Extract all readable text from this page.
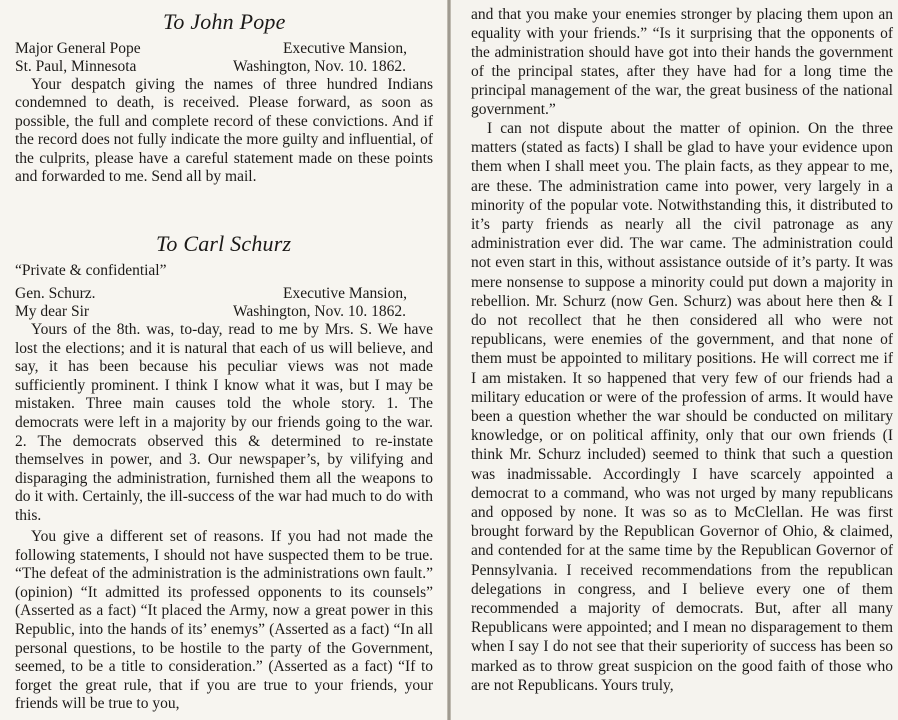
To John Pope
Major General Pope	Executive Mansion,
St. Paul, Minnesota	Washington, Nov. 10. 1862.

Your despatch giving the names of three hundred Indians condemned to death, is received. Please forward, as soon as possible, the full and complete record of these convictions. And if the record does not fully indicate the more guilty and influential, of the culprits, please have a careful statement made on these points and forwarded to me. Send all by mail.

To Carl Schurz
“Private & confidential”
Gen. Schurz.	Executive Mansion,
My dear Sir	Washington, Nov. 10. 1862.

Yours of the 8th. was, to-day, read to me by Mrs. S. We have lost the elections; and it is natural that each of us will believe, and say, it has been because his peculiar views was not made sufficiently prominent. I think I know what it was, but I may be mistaken. Three main causes told the whole story. 1. The democrats were left in a majority by our friends going to the war. 2. The democrats observed this & determined to re-instate themselves in power, and 3. Our newspaper’s, by vilifying and disparaging the administration, furnished them all the weapons to do it with. Certainly, the ill-success of the war had much to do with this.

You give a different set of reasons. If you had not made the following statements, I should not have suspected them to be true. “The defeat of the administration is the administrations own fault.” (opinion) “It admitted its professed opponents to its counsels” (Asserted as a fact) “It placed the Army, now a great power in this Republic, into the hands of its’ enemys” (Asserted as a fact) “In all personal questions, to be hostile to the party of the Government, seemed, to be a title to consideration.” (Asserted as a fact) “If to forget the great rule, that if you are true to your friends, your friends will be true to you,

and that you make your enemies stronger by placing them upon an equality with your friends.” “Is it surprising that the opponents of the administration should have got into their hands the government of the principal states, after they have had for a long time the principal management of the war, the great business of the national government.”

I can not dispute about the matter of opinion. On the three matters (stated as facts) I shall be glad to have your evidence upon them when I shall meet you. The plain facts, as they appear to me, are these. The administration came into power, very largely in a minority of the popular vote. Notwithstanding this, it distributed to it’s party friends as nearly all the civil patronage as any administration ever did. The war came. The administration could not even start in this, without assistance outside of it’s party. It was mere nonsense to suppose a minority could put down a majority in rebellion. Mr. Schurz (now Gen. Schurz) was about here then & I do not recollect that he then considered all who were not republicans, were enemies of the government, and that none of them must be appointed to military positions. He will correct me if I am mistaken. It so happened that very few of our friends had a military education or were of the profession of arms. It would have been a question whether the war should be conducted on military knowledge, or on political affinity, only that our own friends (I think Mr. Schurz included) seemed to think that such a question was inadmissable. Accordingly I have scarcely appointed a democrat to a command, who was not urged by many republicans and opposed by none. It was so as to McClellan. He was first brought forward by the Republican Governor of Ohio, & claimed, and contended for at the same time by the Republican Governor of Pennsylvania. I received recommendations from the republican delegations in congress, and I believe every one of them recommended a majority of democrats. But, after all many Republicans were appointed; and I mean no disparagement to them when I say I do not see that their superiority of success has been so marked as to throw great suspicion on the good faith of those who are not Republicans. Yours truly,
